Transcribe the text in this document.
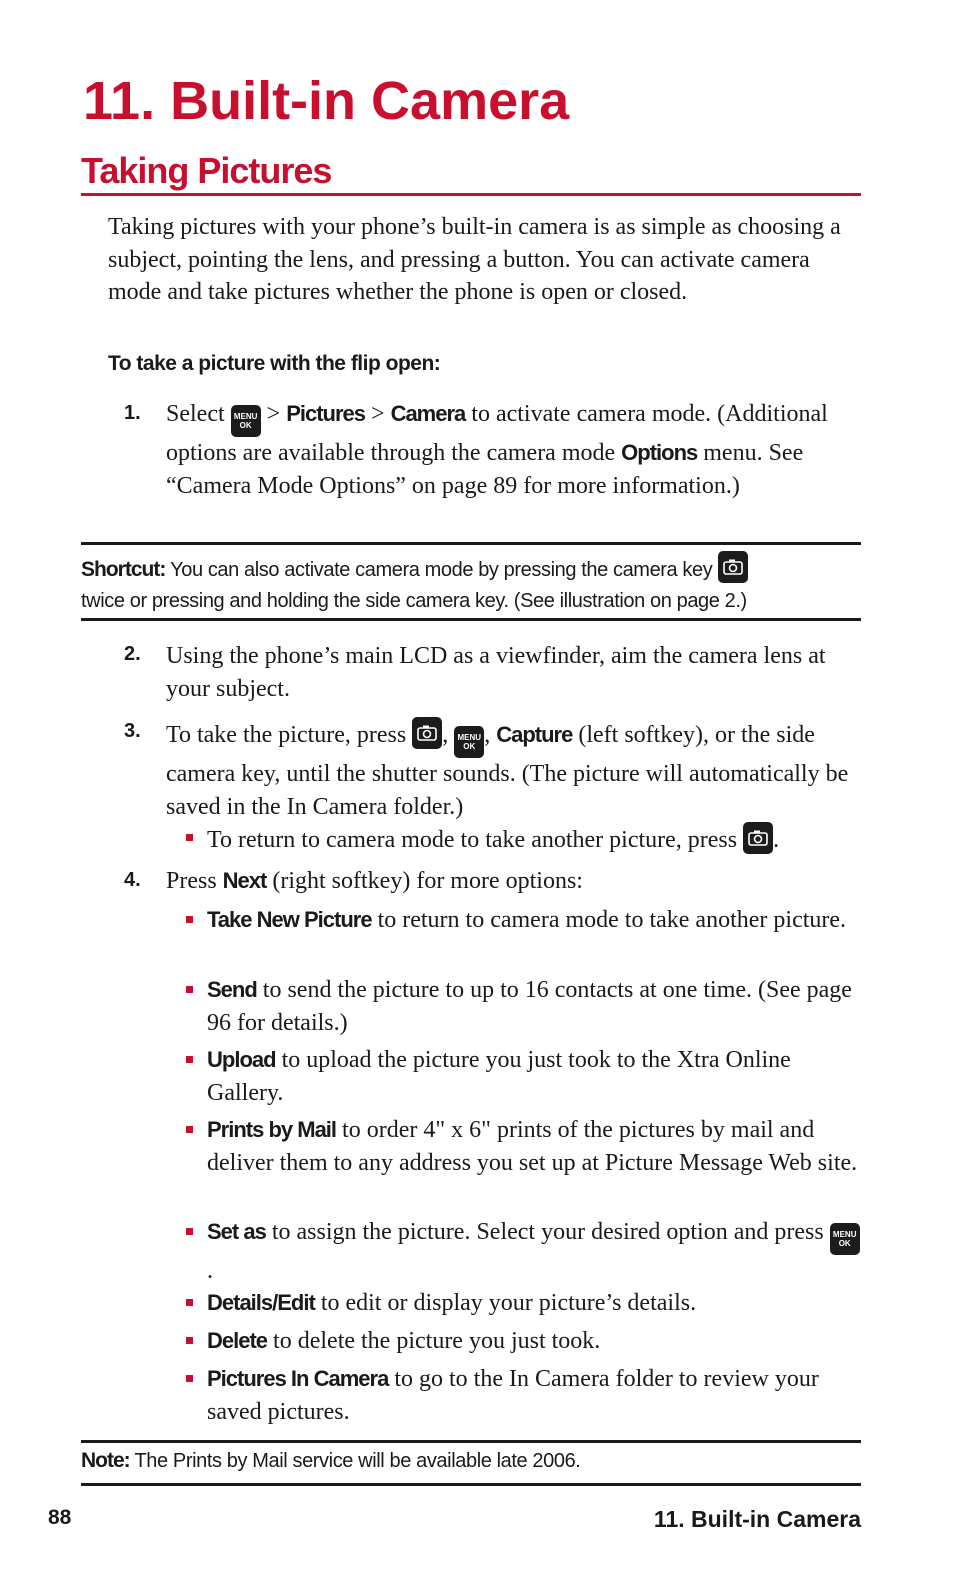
11. Built-in Camera
Taking Pictures

Taking pictures with your phone’s built-in camera is as simple as choosing a subject, pointing the lens, and pressing a button. You can activate camera mode and take pictures whether the phone is open or closed.

To take a picture with the flip open:
1. Select	MENU
OK > Pictures > Camera to activate camera mode. (Additional options are available through the camera mode Options menu. See “Camera Mode Options” on page 89 for more information.)
Shortcut: You can also activate camera mode by pressing the camera key

twice or pressing and holding the side camera key. (See illustration on page 2.)
2. Using the phone’s main LCD as a viewfinder, aim the camera lens at your subject.
3. To take the picture, press ,	MENU
OK , Capture (left softkey), or the side camera key, until the shutter sounds. (The picture will automatically be saved in the In Camera folder.)
To return to camera mode to take another picture, press .
4. Press Next (right softkey) for more options:
Take New Picture to return to camera mode to take another picture.
Send to send the picture to up to 16 contacts at one time. (See page 96 for details.)
Upload to upload the picture you just took to the Xtra Online Gallery.
Prints by Mail to order 4" x 6" prints of the pictures by mail and deliver them to any address you set up at Picture Message Web site.
Set as to assign the picture. Select your desired option and press	MENU
OK
.
Details/Edit to edit or display your picture’s details.
Delete to delete the picture you just took.
Pictures In Camera to go to the In Camera folder to review your saved pictures.
Note: The Prints by Mail service will be available late 2006.
88	11. Built-in Camera
